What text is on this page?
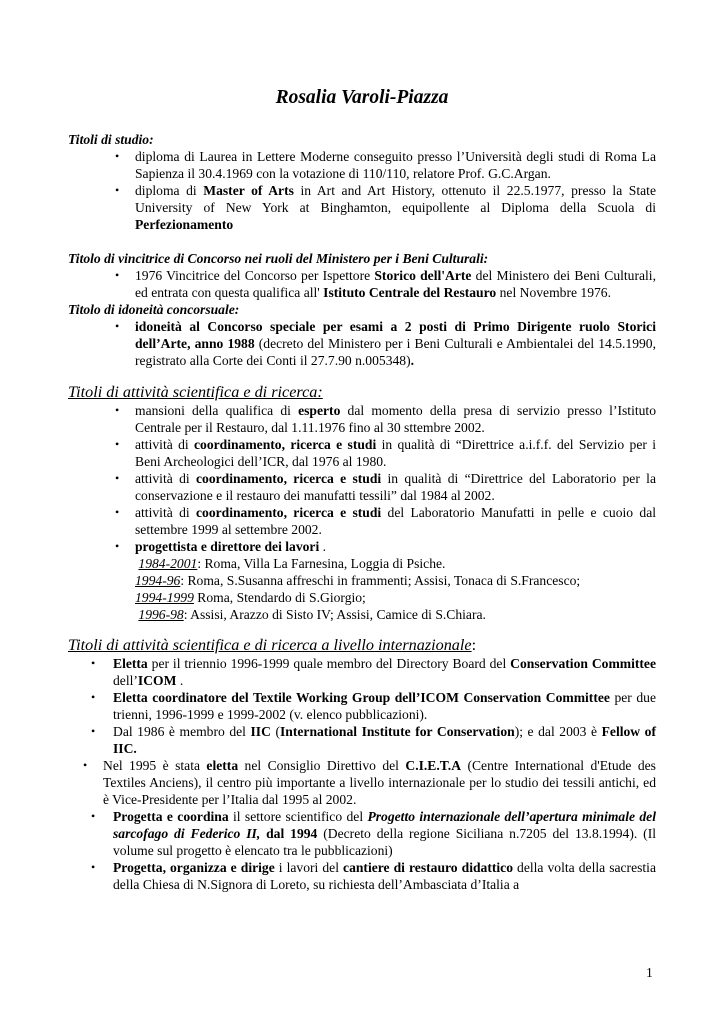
Rosalia Varoli-Piazza
Titoli di studio:
• diploma di Laurea in Lettere Moderne conseguito presso l’Università degli studi di Roma La Sapienza il 30.4.1969 con la votazione di 110/110, relatore Prof. G.C.Argan.
• diploma di Master of Arts in Art and Art History, ottenuto il 22.5.1977, presso la State University of New York at Binghamton, equipollente al Diploma della Scuola di Perfezionamento
Titolo di vincitrice di Concorso nei ruoli del Ministero per i Beni Culturali:
• 1976 Vincitrice del Concorso per Ispettore Storico dell'Arte del Ministero dei Beni Culturali, ed entrata con questa qualifica all' Istituto Centrale del Restauro nel Novembre 1976.
Titolo di idoneità concorsuale:
• idoneità al Concorso speciale per esami a 2 posti di Primo Dirigente ruolo Storici dell’Arte, anno 1988 (decreto del Ministero per i Beni Culturali e Ambientalei del 14.5.1990, registrato alla Corte dei Conti il 27.7.90 n.005348).
Titoli di attività scientifica e di ricerca:
• mansioni della qualifica di esperto dal momento della presa di servizio presso l’Istituto Centrale per il Restauro, dal 1.11.1976 fino al 30 sttembre 2002.
• attività di coordinamento, ricerca e studi in qualità di “Direttrice a.i.f.f. del Servizio per i Beni Archeologici dell’ICR, dal 1976 al 1980.
• attività di coordinamento, ricerca e studi in qualità di “Direttrice del Laboratorio per la conservazione e il restauro dei manufatti tessili” dal 1984 al 2002.
• attività di coordinamento, ricerca e studi del Laboratorio Manufatti in pelle e cuoio dal settembre 1999 al settembre 2002.
• progettista e direttore dei lavori .
1984-2001: Roma, Villa La Farnesina, Loggia di Psiche.
1994-96: Roma, S.Susanna affreschi in frammenti; Assisi, Tonaca di S.Francesco;
1994-1999 Roma, Stendardo di S.Giorgio;
1996-98: Assisi, Arazzo di Sisto IV; Assisi, Camice di S.Chiara.
Titoli di attività scientifica e di ricerca a livello internazionale:
• Eletta per il triennio 1996-1999 quale membro del Directory Board del Conservation Committee dell’ICOM .
• Eletta coordinatore del Textile Working Group dell’ICOM Conservation Committee per due trienni, 1996-1999 e 1999-2002 (v. elenco pubblicazioni).
• Dal 1986 è membro del IIC (International Institute for Conservation); e dal 2003 è Fellow of IIC.
• Nel 1995 è stata eletta nel Consiglio Direttivo del C.I.E.T.A (Centre International d'Etude des Textiles Anciens), il centro più importante a livello internazionale per lo studio dei tessili antichi, ed è Vice-Presidente per l’Italia dal 1995 al 2002.
• Progetta e coordina il settore scientifico del Progetto internazionale dell’apertura minimale del sarcofago di Federico II, dal 1994 (Decreto della regione Siciliana n.7205 del 13.8.1994). (Il volume sul progetto è elencato tra le pubblicazioni)
• Progetta, organizza e dirige i lavori del cantiere di restauro didattico della volta della sacrestia della Chiesa di N.Signora di Loreto, su richiesta dell’Ambasciata d’Italia a
1
